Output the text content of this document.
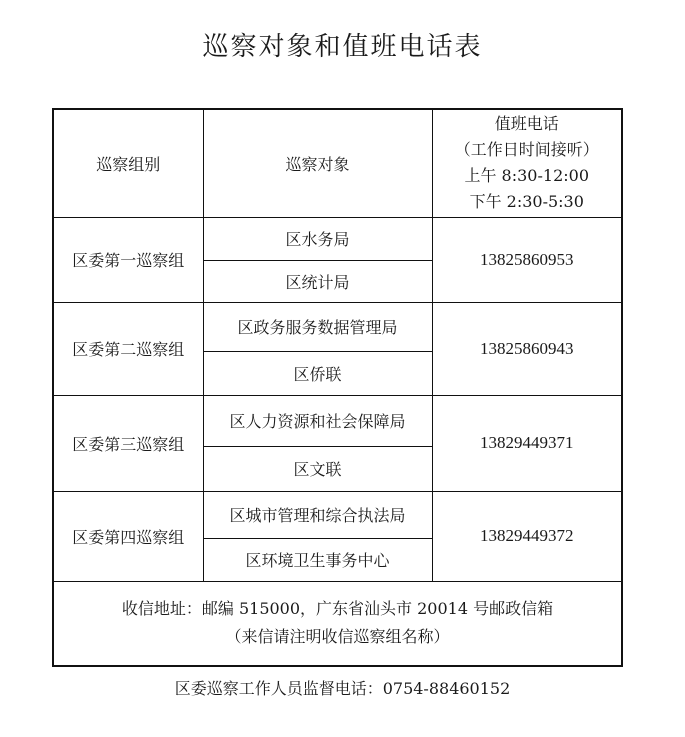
巡察对象和值班电话表
巡察组别	巡察对象	值班电话
（工作日时间接听）
上午 8:30-12:00
下午 2:30-5:30

区委第一巡察组	区水务局	13825860953
	区统计局	
区委第二巡察组	区政务服务数据管理局	13825860943
	区侨联	
区委第三巡察组	区人力资源和社会保障局	13829449371
	区文联	
区委第四巡察组	区城市管理和综合执法局	13829449372
	区环境卫生事务中心	

收信地址：邮编 515000，广东省汕头市 20014 号邮政信箱
（来信请注明收信巡察组名称）		
区委巡察工作人员监督电话：0754-88460152
